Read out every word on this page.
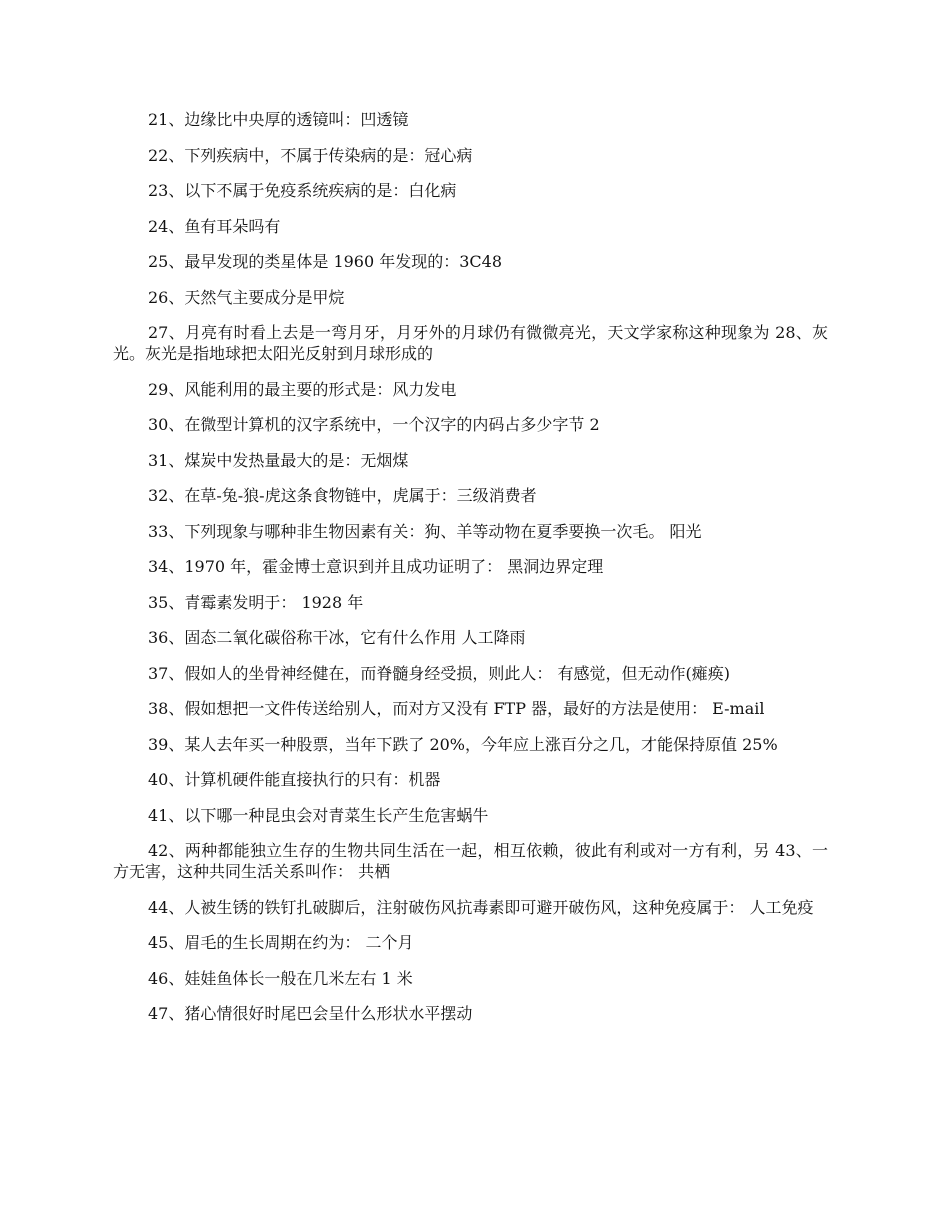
21、边缘比中央厚的透镜叫：凹透镜

22、下列疾病中，不属于传染病的是：冠心病

23、以下不属于免疫系统疾病的是：白化病

24、鱼有耳朵吗有

25、最早发现的类星体是 1960 年发现的：3C48

26、天然气主要成分是甲烷

27、月亮有时看上去是一弯月牙，月牙外的月球仍有微微亮光，天文学家称这种现象为 28、灰光。灰光是指地球把太阳光反射到月球形成的

29、风能利用的最主要的形式是：风力发电

30、在微型计算机的汉字系统中，一个汉字的内码占多少字节 2

31、煤炭中发热量最大的是：无烟煤

32、在草-兔-狼-虎这条食物链中，虎属于：三级消费者

33、下列现象与哪种非生物因素有关：狗、羊等动物在夏季要换一次毛。 阳光

34、1970 年，霍金博士意识到并且成功证明了： 黑洞边界定理

35、青霉素发明于： 1928 年

36、固态二氧化碳俗称干冰，它有什么作用 人工降雨

37、假如人的坐骨神经健在，而脊髓身经受损，则此人： 有感觉，但无动作(瘫痪)

38、假如想把一文件传送给别人，而对方又没有 FTP 器，最好的方法是使用： E-mail

39、某人去年买一种股票，当年下跌了 20%，今年应上涨百分之几，才能保持原值 25%

40、计算机硬件能直接执行的只有：机器

41、以下哪一种昆虫会对青菜生长产生危害蜗牛

42、两种都能独立生存的生物共同生活在一起，相互依赖，彼此有利或对一方有利，另 43、一方无害，这种共同生活关系叫作： 共栖

44、人被生锈的铁钉扎破脚后，注射破伤风抗毒素即可避开破伤风，这种免疫属于： 人工免疫

45、眉毛的生长周期在约为： 二个月

46、娃娃鱼体长一般在几米左右 1 米

47、猪心情很好时尾巴会呈什么形状水平摆动
